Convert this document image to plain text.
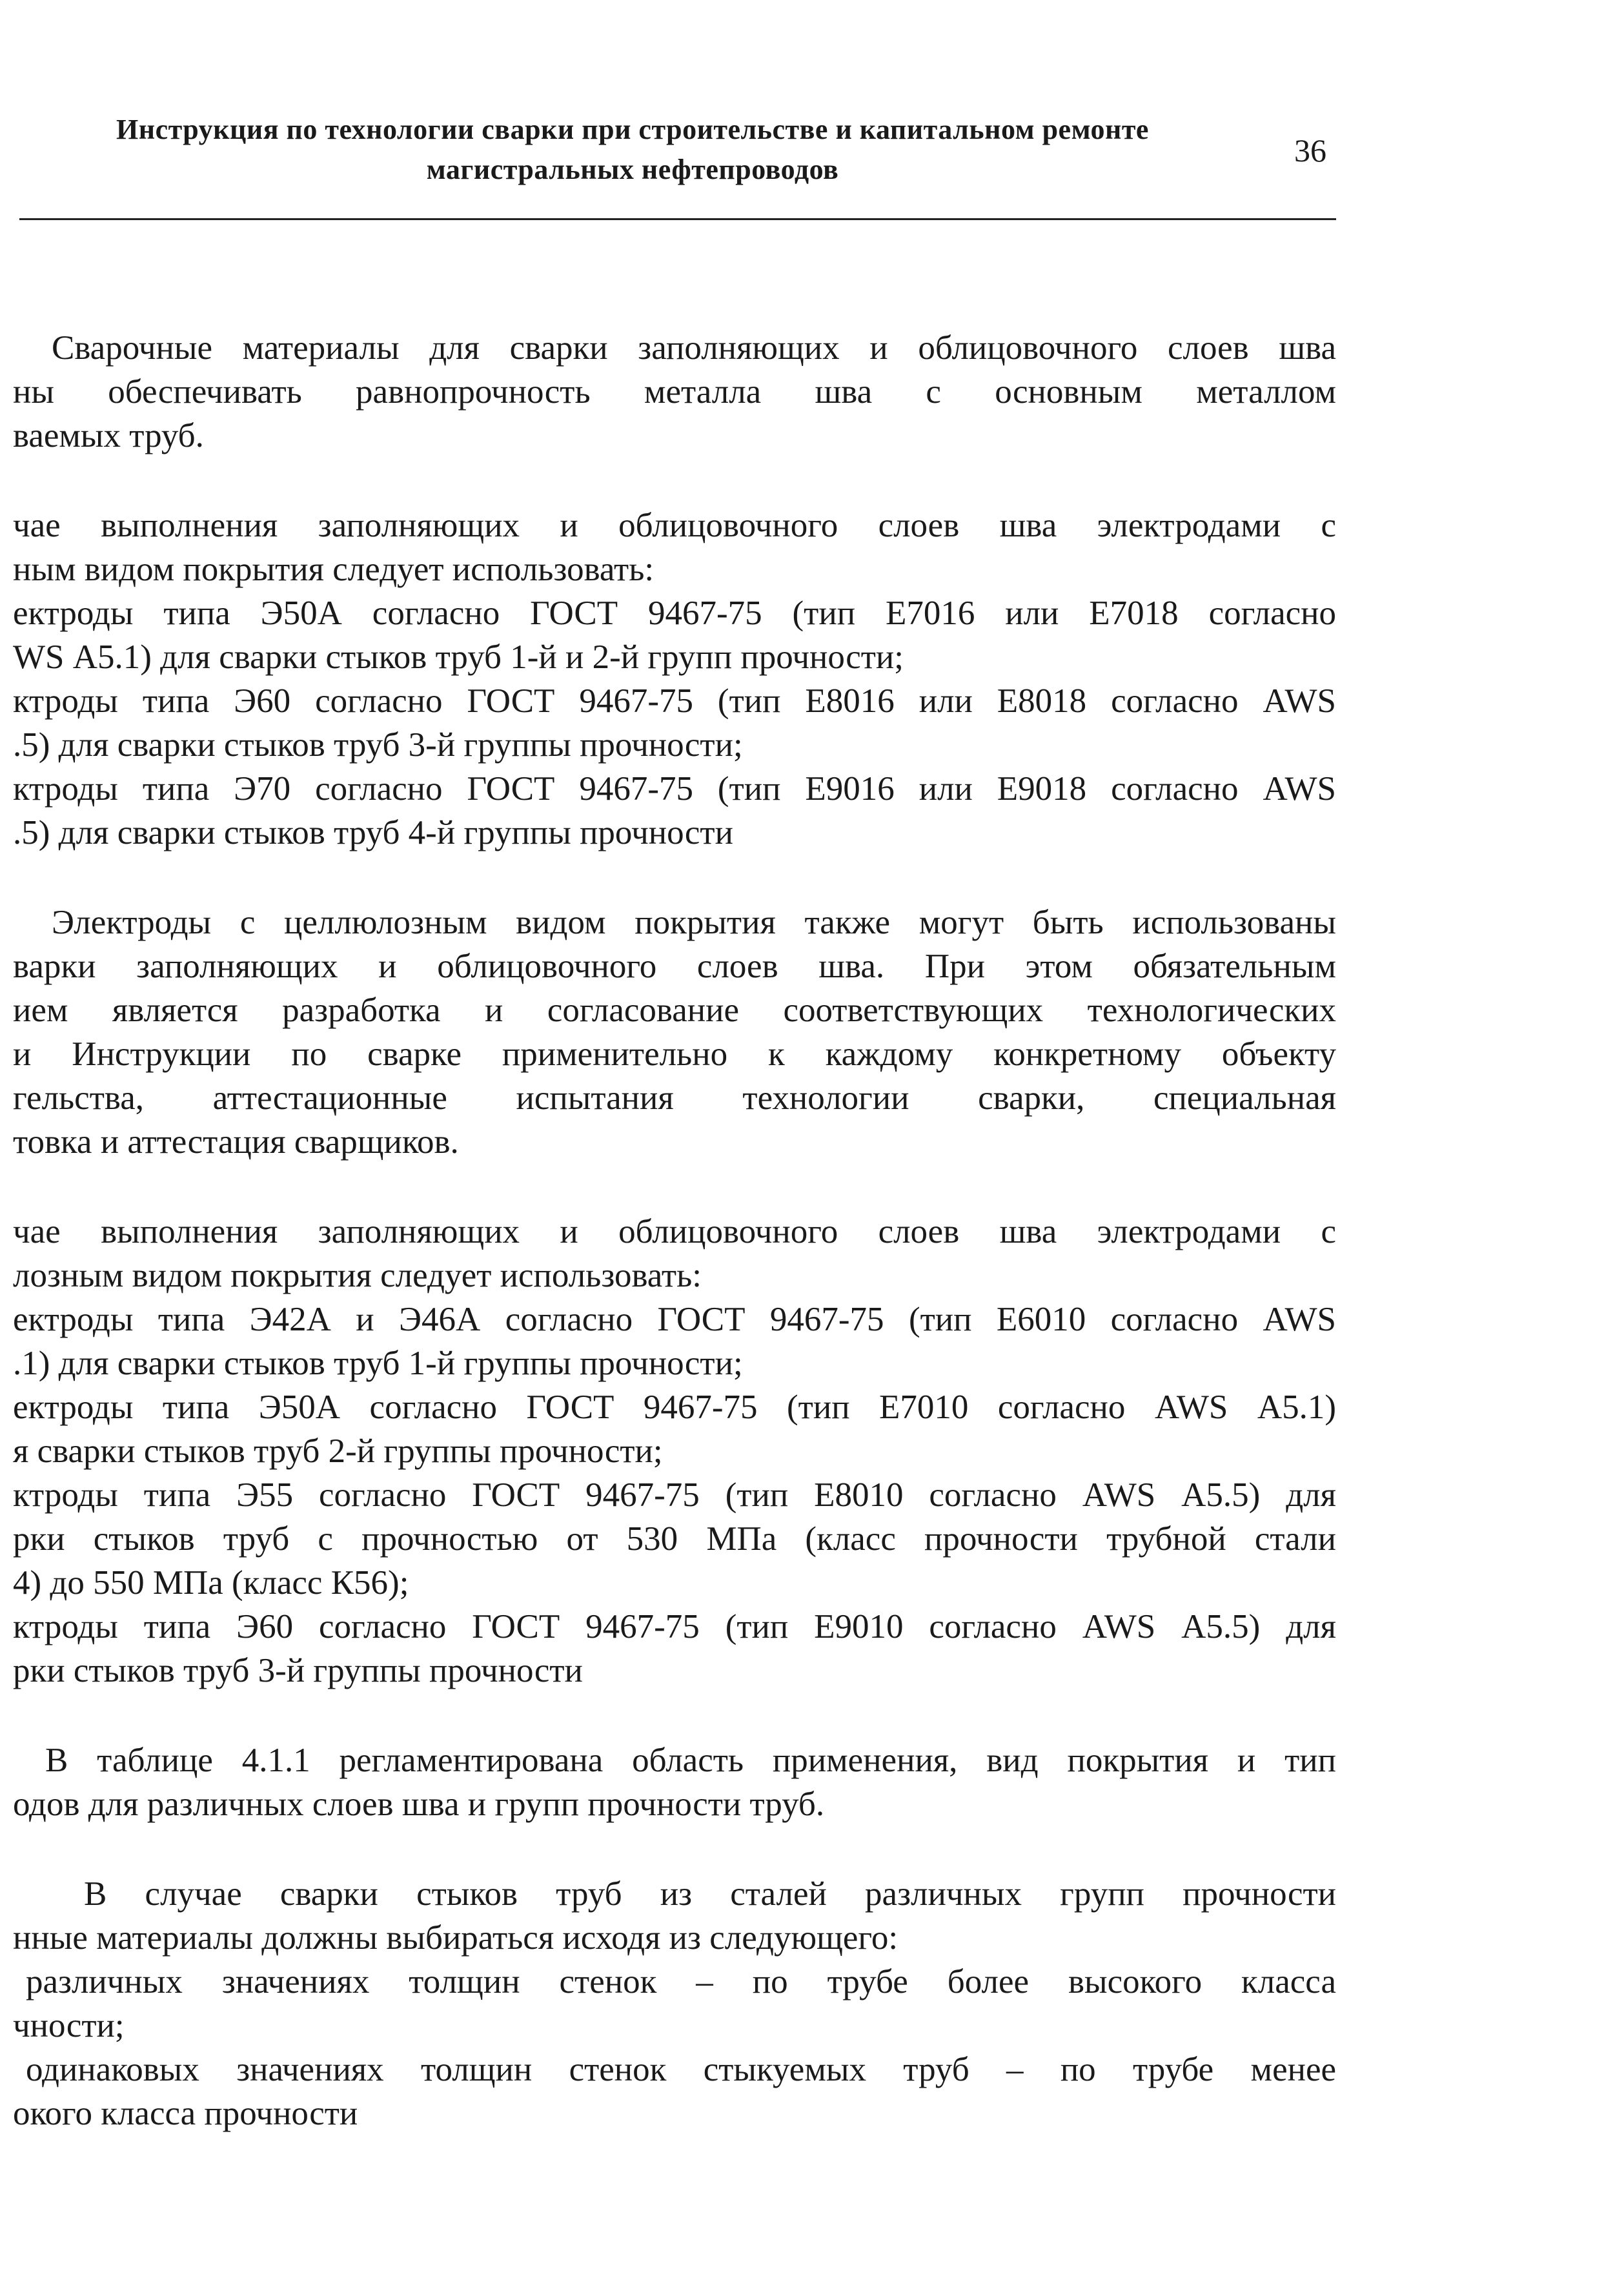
Инструкция по технологии сварки при строительстве и капитальном ремонте
магистральных нефтепроводов
36
Сварочные материалы для сварки заполняющих и облицовочного слоев шва
ны обеспечивать равнопрочность металла шва с основным металлом
ваемых труб.
чае выполнения заполняющих и облицовочного слоев шва электродами с
ным видом покрытия следует использовать:
ектроды типа Э50А согласно ГОСТ 9467-75 (тип Е7016 или Е7018 согласно
WS А5.1) для сварки стыков труб 1-й и 2-й групп прочности;
ктроды типа Э60 согласно ГОСТ 9467-75 (тип Е8016 или Е8018 согласно AWS
.5) для сварки стыков труб 3-й группы прочности;
ктроды типа Э70 согласно ГОСТ 9467-75 (тип Е9016 или Е9018 согласно AWS
.5) для сварки стыков труб 4-й группы прочности
Электроды с целлюлозным видом покрытия также могут быть использованы
варки заполняющих и облицовочного слоев шва. При этом обязательным
ием является разработка и согласование соответствующих технологических
и Инструкции по сварке применительно к каждому конкретному объекту
гельства, аттестационные испытания технологии сварки, специальная
товка и аттестация сварщиков.
чае выполнения заполняющих и облицовочного слоев шва электродами с
лозным видом покрытия следует использовать:
ектроды типа Э42А и Э46А согласно ГОСТ 9467-75 (тип Е6010 согласно AWS
.1) для сварки стыков труб 1-й группы прочности;
ектроды типа Э50А согласно ГОСТ 9467-75 (тип Е7010 согласно AWS А5.1)
я сварки стыков труб 2-й группы прочности;
ктроды типа Э55 согласно ГОСТ 9467-75 (тип Е8010 согласно AWS А5.5) для
рки стыков труб с прочностью от 530 МПа (класс прочности трубной стали
4) до 550 МПа (класс К56);
ктроды типа Э60 согласно ГОСТ 9467-75 (тип Е9010 согласно AWS А5.5) для
рки стыков труб 3-й группы прочности
В таблице 4.1.1 регламентирована область применения, вид покрытия и тип
одов для различных слоев шва и групп прочности труб.
В случае сварки стыков труб из сталей различных групп прочности
нные материалы должны выбираться исходя из следующего:
различных значениях толщин стенок – по трубе более высокого класса
чности;
одинаковых значениях толщин стенок стыкуемых труб – по трубе менее
окого класса прочности
